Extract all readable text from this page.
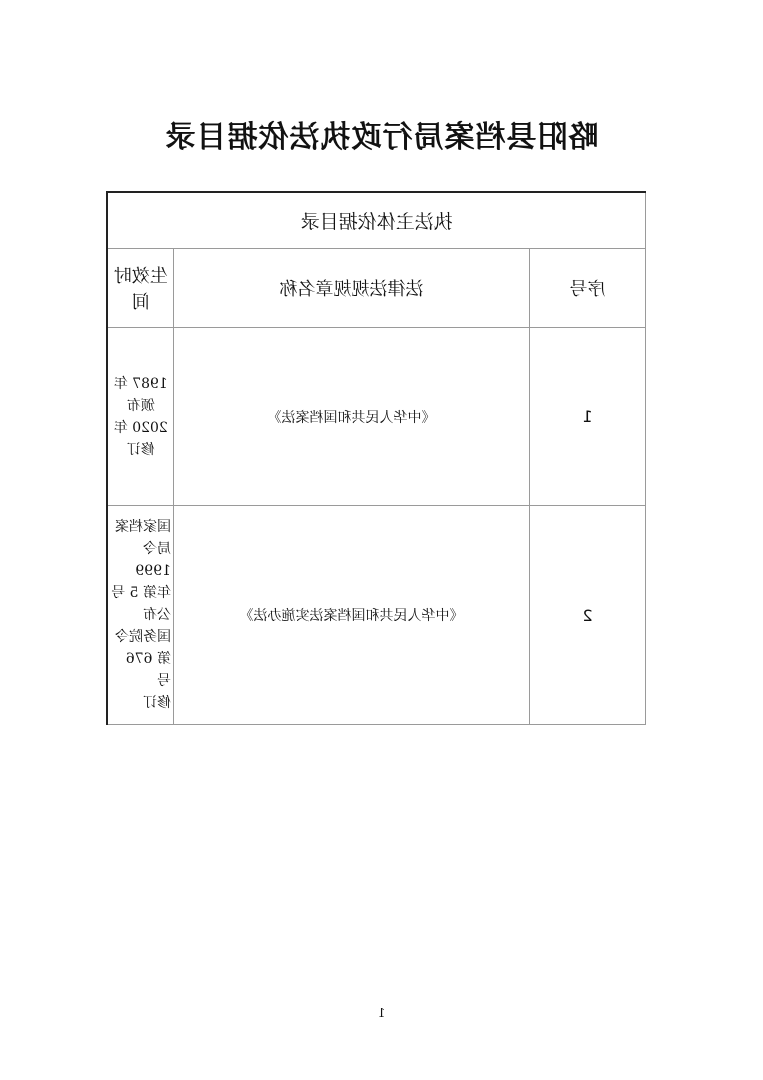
略阳县档案局行政执法依据目录
执法主体依据目录		
序号	法律法规规章名称	生效时间
1	《中华人民共和国档案法》	1987 年颁布
2020 年修订

2	《中华人民共和国档案法实施办法》	国家档案局令 1999
年第 5 号公布
国务院令第 676 号
修订
1
